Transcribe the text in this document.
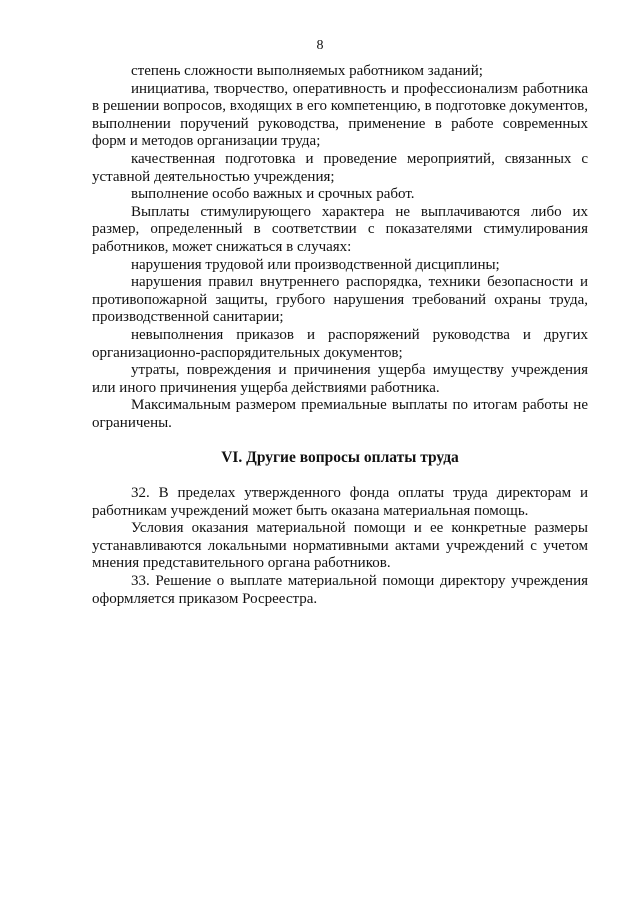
8

степень сложности выполняемых работником заданий;

инициатива, творчество, оперативность и профессионализм работника в решении вопросов, входящих в его компетенцию, в подготовке документов, выполнении поручений руководства, применение в работе современных форм и методов организации труда;

качественная подготовка и проведение мероприятий, связанных с уставной деятельностью учреждения;

выполнение особо важных и срочных работ.

Выплаты стимулирующего характера не выплачиваются либо их размер, определенный в соответствии с показателями стимулирования работников, может снижаться в случаях:

нарушения трудовой или производственной дисциплины;

нарушения правил внутреннего распорядка, техники безопасности и противопожарной защиты, грубого нарушения требований охраны труда, производственной санитарии;

невыполнения приказов и распоряжений руководства и других организационно-распорядительных документов;

утраты, повреждения и причинения ущерба имуществу учреждения или иного причинения ущерба действиями работника.

Максимальным размером премиальные выплаты по итогам работы не ограничены.

VI. Другие вопросы оплаты труда

32. В пределах утвержденного фонда оплаты труда директорам и работникам учреждений может быть оказана материальная помощь.

Условия оказания материальной помощи и ее конкретные размеры устанавливаются локальными нормативными актами учреждений с учетом мнения представительного органа работников.

33. Решение о выплате материальной помощи директору учреждения оформляется приказом Росреестра.
